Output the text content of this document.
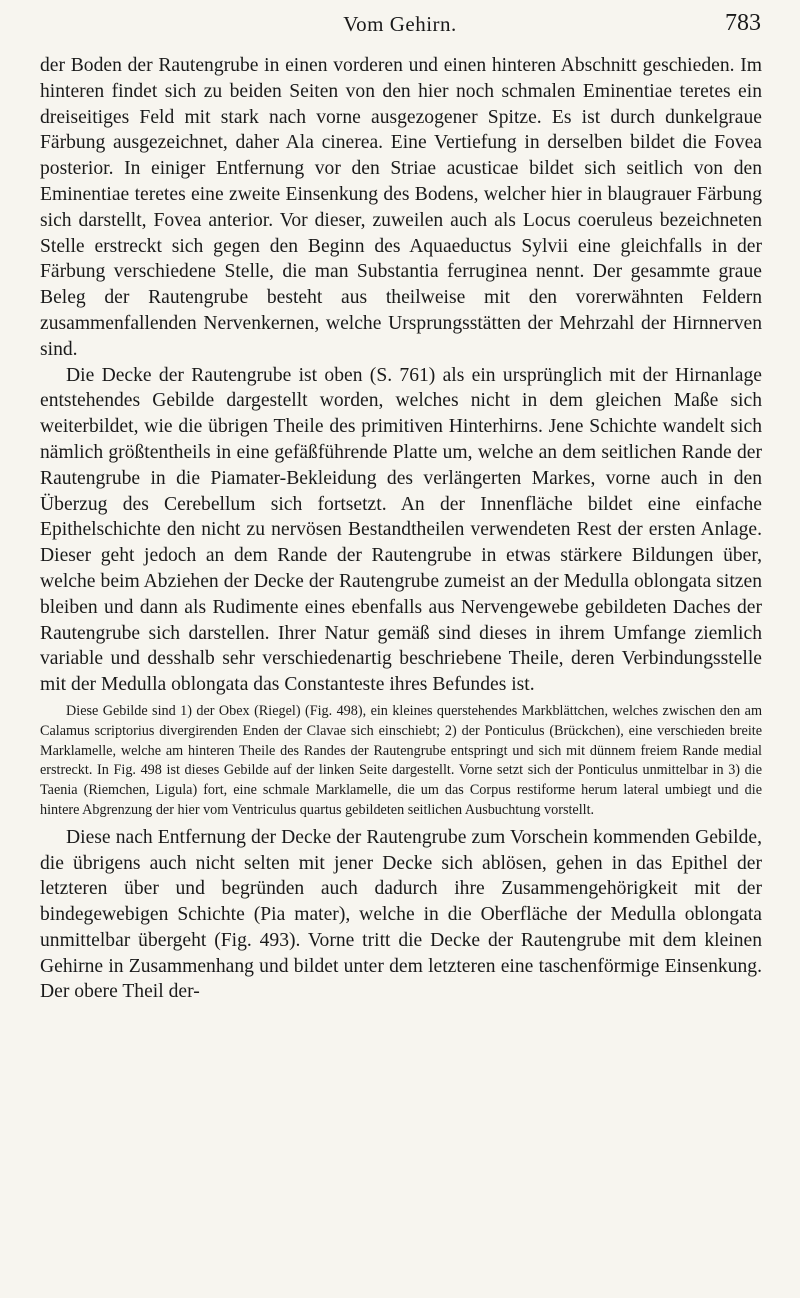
Vom Gehirn.	783

der Boden der Rautengrube in einen vorderen und einen hinteren Abschnitt geschieden. Im hinteren findet sich zu beiden Seiten von den hier noch schmalen Eminentiae teretes ein dreiseitiges Feld mit stark nach vorne ausgezogener Spitze. Es ist durch dunkelgraue Färbung ausgezeichnet, daher Ala cinerea. Eine Vertiefung in derselben bildet die Fovea posterior. In einiger Entfernung vor den Striae acusticae bildet sich seitlich von den Eminentiae teretes eine zweite Einsenkung des Bodens, welcher hier in blaugrauer Färbung sich darstellt, Fovea anterior. Vor dieser, zuweilen auch als Locus coeruleus bezeichneten Stelle erstreckt sich gegen den Beginn des Aquaeductus Sylvii eine gleichfalls in der Färbung verschiedene Stelle, die man Substantia ferruginea nennt. Der gesammte graue Beleg der Rautengrube besteht aus theilweise mit den vorerwähnten Feldern zusammenfallenden Nervenkernen, welche Ursprungsstätten der Mehrzahl der Hirnnerven sind.

Die Decke der Rautengrube ist oben (S. 761) als ein ursprünglich mit der Hirnanlage entstehendes Gebilde dargestellt worden, welches nicht in dem gleichen Maße sich weiterbildet, wie die übrigen Theile des primitiven Hinterhirns. Jene Schichte wandelt sich nämlich größtentheils in eine gefäßführende Platte um, welche an dem seitlichen Rande der Rautengrube in die Piamater-Bekleidung des verlängerten Markes, vorne auch in den Überzug des Cerebellum sich fortsetzt. An der Innenfläche bildet eine einfache Epithelschichte den nicht zu nervösen Bestandtheilen verwendeten Rest der ersten Anlage. Dieser geht jedoch an dem Rande der Rautengrube in etwas stärkere Bildungen über, welche beim Abziehen der Decke der Rautengrube zumeist an der Medulla oblongata sitzen bleiben und dann als Rudimente eines ebenfalls aus Nervengewebe gebildeten Daches der Rautengrube sich darstellen. Ihrer Natur gemäß sind dieses in ihrem Umfange ziemlich variable und desshalb sehr verschiedenartig beschriebene Theile, deren Verbindungsstelle mit der Medulla oblongata das Constanteste ihres Befundes ist.

Diese Gebilde sind 1) der Obex (Riegel) (Fig. 498), ein kleines querstehendes Markblättchen, welches zwischen den am Calamus scriptorius divergirenden Enden der Clavae sich einschiebt; 2) der Ponticulus (Brückchen), eine verschieden breite Marklamelle, welche am hinteren Theile des Randes der Rautengrube entspringt und sich mit dünnem freiem Rande medial erstreckt. In Fig. 498 ist dieses Gebilde auf der linken Seite dargestellt. Vorne setzt sich der Ponticulus unmittelbar in 3) die Taenia (Riemchen, Ligula) fort, eine schmale Marklamelle, die um das Corpus restiforme herum lateral umbiegt und die hintere Abgrenzung der hier vom Ventriculus quartus gebildeten seitlichen Ausbuchtung vorstellt.

Diese nach Entfernung der Decke der Rautengrube zum Vorschein kommenden Gebilde, die übrigens auch nicht selten mit jener Decke sich ablösen, gehen in das Epithel der letzteren über und begründen auch dadurch ihre Zusammengehörigkeit mit der bindegewebigen Schichte (Pia mater), welche in die Oberfläche der Medulla oblongata unmittelbar übergeht (Fig. 493). Vorne tritt die Decke der Rautengrube mit dem kleinen Gehirne in Zusammenhang und bildet unter dem letzteren eine taschenförmige Einsenkung. Der obere Theil der-
